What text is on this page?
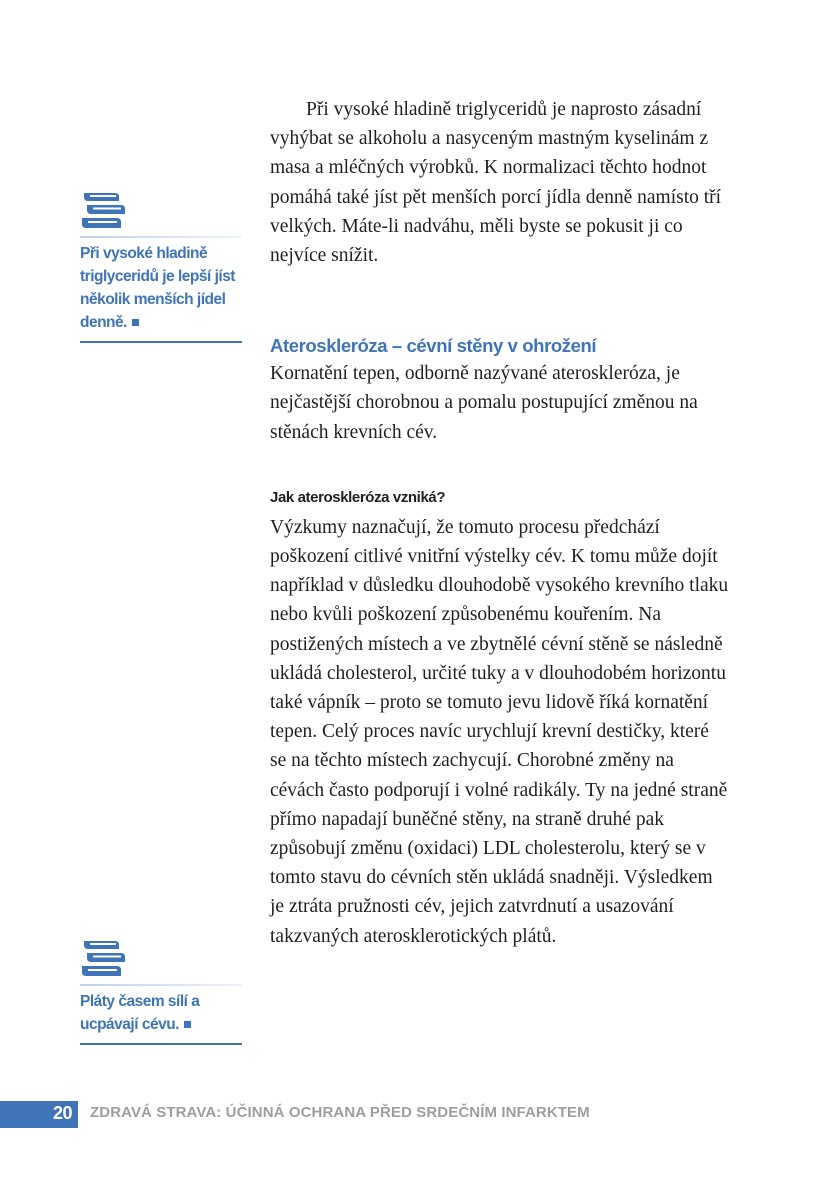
Při vysoké hladině triglyceridů je lepší jíst několik menších jídel denně.
Pláty časem sílí a ucpávají cévu.

Při vysoké hladině triglyceridů je naprosto zásadní vyhýbat se alkoholu a nasyceným mastným kyselinám z masa a mléčných výrobků. K normalizaci těchto hodnot pomáhá také jíst pět menších porcí jídla denně namísto tří velkých. Máte-li nadváhu, měli byste se pokusit ji co nejvíce snížit.

Ateroskleróza – cévní stěny v ohrožení

Kornatění tepen, odborně nazývané ateroskleróza, je nejčastější chorobnou a pomalu postupující změnou na stěnách krevních cév.

Jak ateroskleróza vzniká?

Výzkumy naznačují, že tomuto procesu předchází poškození citlivé vnitřní výstelky cév. K tomu může dojít například v důsledku dlouhodobě vysokého krevního tlaku nebo kvůli poškození způsobenému kouřením. Na postižených místech a ve zbytnělé cévní stěně se následně ukládá cholesterol, určité tuky a v dlouhodobém horizontu také vápník – proto se tomuto jevu lidově říká kornatění tepen. Celý proces navíc urychlují krevní destičky, které se na těchto místech zachycují. Chorobné změny na cévách často podporují i volné radikály. Ty na jedné straně přímo napadají buněčné stěny, na straně druhé pak způsobují změnu (oxidaci) LDL cholesterolu, který se v tomto stavu do cévních stěn ukládá snadněji. Výsledkem je ztráta pružnosti cév, jejich zatvrdnutí a usazování takzvaných aterosklerotických plátů.

20 ZDRAVÁ STRAVA: ÚČINNÁ OCHRANA PŘED SRDEČNÍM INFARKTEM
